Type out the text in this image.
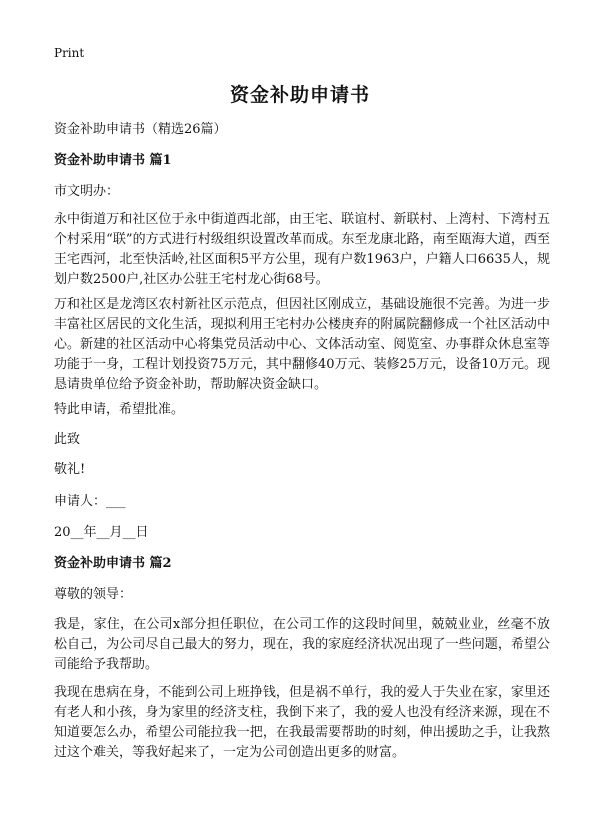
Print
资金补助申请书
资金补助申请书（精选26篇）
资金补助申请书 篇1
市文明办：
永中街道万和社区位于永中街道西北部，由王宅、联谊村、新联村、上湾村、下湾村五个村采用“联”的方式进行村级组织设置改革而成。东至龙康北路，南至瓯海大道，西至王宅西河，北至快活岭,社区面积5平方公里，现有户数1963户，户籍人口6635人，规划户数2500户,社区办公驻王宅村龙心街68号。
万和社区是龙湾区农村新社区示范点，但因社区刚成立，基础设施很不完善。为进一步丰富社区居民的文化生活，现拟利用王宅村办公楼庚弃的附属院翻修成一个社区活动中心。新建的社区活动中心将集党员活动中心、文体活动室、阅览室、办事群众休息室等功能于一身，工程计划投资75万元，其中翻修40万元、装修25万元，设备10万元。现恳请贵单位给予资金补助，帮助解决资金缺口。
特此申请，希望批准。
此致
敬礼!
申请人：___
20__年__月__日
资金补助申请书 篇2
尊敬的领导：
我是，家住，在公司x部分担任职位，在公司工作的这段时间里，兢兢业业，丝毫不放松自己，为公司尽自己最大的努力，现在，我的家庭经济状况出现了一些问题，希望公司能给予我帮助。
我现在患病在身，不能到公司上班挣钱，但是祸不单行，我的爱人于失业在家，家里还有老人和小孩，身为家里的经济支柱，我倒下来了，我的爱人也没有经济来源，现在不知道要怎么办，希望公司能拉我一把，在我最需要帮助的时刻，伸出援助之手，让我熬过这个难关，等我好起来了，一定为公司创造出更多的财富。
